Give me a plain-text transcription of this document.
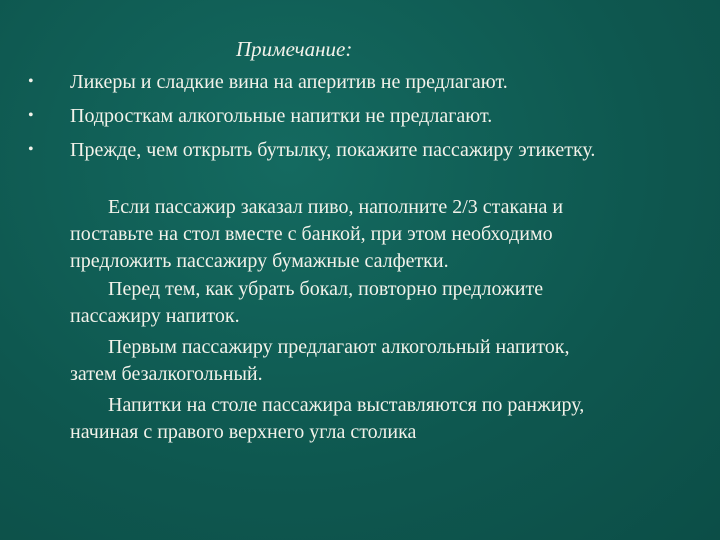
Примечание:
• Ликеры и сладкие вина на аперитив не предлагают.
• Подросткам алкогольные напитки не предлагают.
• Прежде, чем открыть бутылку, покажите пассажиру этикетку.
Если пассажир заказал пиво, наполните 2/3 стакана и
поставьте на стол вместе с банкой, при этом необходимо
предложить пассажиру бумажные салфетки.
Перед тем, как убрать бокал, повторно предложите
пассажиру напиток.
Первым пассажиру предлагают алкогольный напиток,
затем безалкогольный.
Напитки на столе пассажира выставляются по ранжиру,
начиная с правого верхнего угла столика
